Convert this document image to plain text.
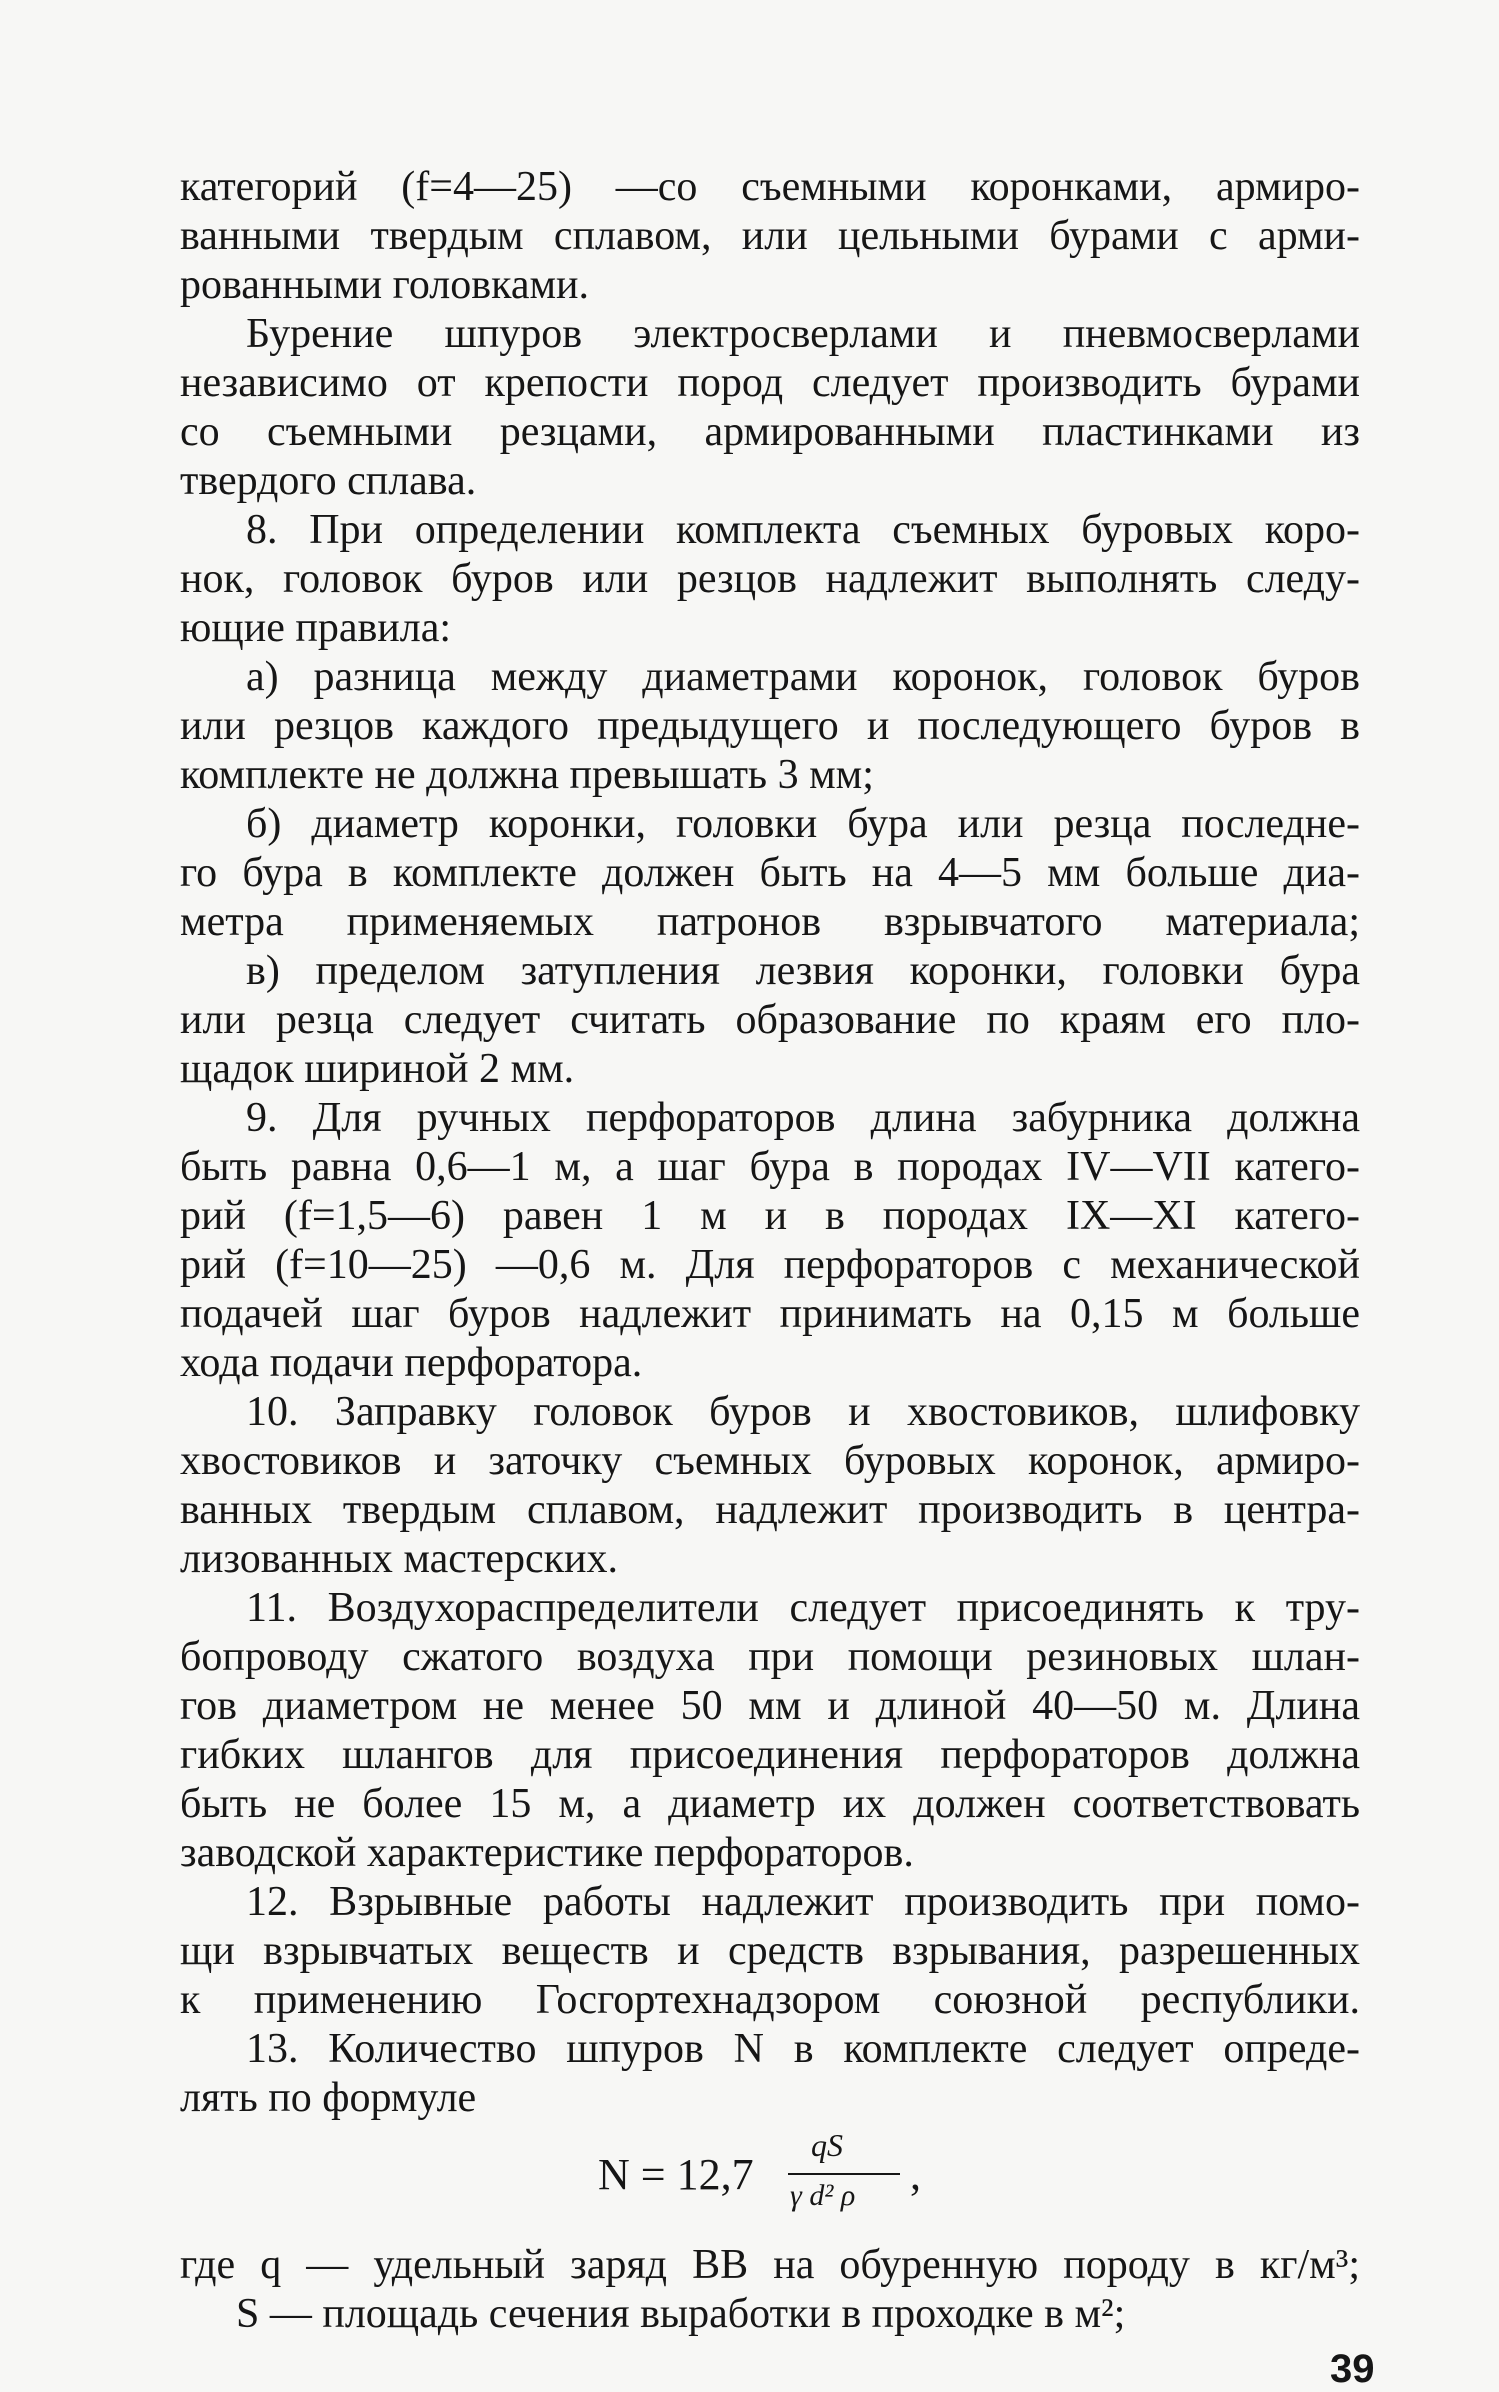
категорий (f=4—25) —со съемными коронками, армиро-

ванными твердым сплавом, или цельными бурами с арми-

рованными головками.

Бурение шпуров электросверлами и пневмосверлами

независимо от крепости пород следует производить бурами

со съемными резцами, армированными пластинками из

твердого сплава.

8. При определении комплекта съемных буровых коро-

нок, головок буров или резцов надлежит выполнять следу-

ющие правила:

а) разница между диаметрами коронок, головок буров

или резцов каждого предыдущего и последующего буров в

комплекте не должна превышать 3 мм;

б) диаметр коронки, головки бура или резца последне-

го бура в комплекте должен быть на 4—5 мм больше диа-

метра применяемых патронов взрывчатого материала;

в) пределом затупления лезвия коронки, головки бура

или резца следует считать образование по краям его пло-

щадок шириной 2 мм.

9. Для ручных перфораторов длина забурника должна

быть равна 0,6—1 м, а шаг бура в породах IV—VII катего-

рий (f=1,5—6) равен 1 м и в породах IX—XI катего-

рий (f=10—25) —0,6 м. Для перфораторов с механической

подачей шаг буров надлежит принимать на 0,15 м больше

хода подачи перфоратора.

10. Заправку головок буров и хвостовиков, шлифовку

хвостовиков и заточку съемных буровых коронок, армиро-

ванных твердым сплавом, надлежит производить в центра-

лизованных мастерских.

11. Воздухораспределители следует присоединять к тру-

бопроводу сжатого воздуха при помощи резиновых шлан-

гов диаметром не менее 50 мм и длиной 40—50 м. Длина

гибких шлангов для присоединения перфораторов должна

быть не более 15 м, а диаметр их должен соответствовать

заводской характеристике перфораторов.

12. Взрывные работы надлежит производить при помо-

щи взрывчатых веществ и средств взрывания, разрешенных

к применению Госгортехнадзором союзной республики.

13. Количество шпуров N в комплекте следует опреде-

лять по формуле

N = 12,7
qS
γ d² ρ ,

где q — удельный заряд ВВ на обуренную породу в кг/м³;

S — площадь сечения выработки в проходке в м²;

39
